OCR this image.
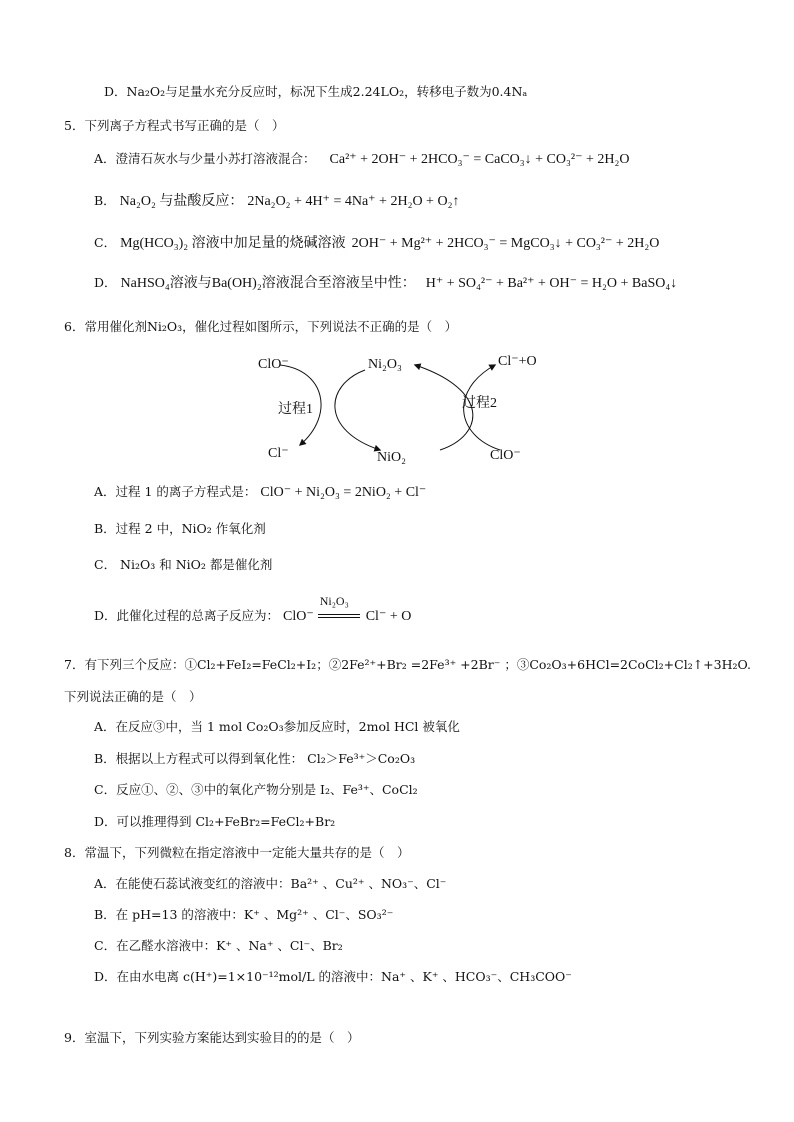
D．Na₂O₂与足量水充分反应时，标况下生成2.24LO₂，转移电子数为0.4Nₐ
5．下列离子方程式书写正确的是（　）
A．澄清石灰水与少量小苏打溶液混合： Ca²⁺ + 2OH⁻ + 2HCO₃⁻ = CaCO₃↓ + CO₃²⁻ + 2H₂O
B． Na₂O₂ 与盐酸反应： 2Na₂O₂ + 4H⁺ = 4Na⁺ + 2H₂O + O₂↑
C． Mg(HCO₃)₂ 溶液中加足量的烧碱溶液 2OH⁻ + Mg²⁺ + 2HCO₃⁻ = MgCO₃↓ + CO₃²⁻ + 2H₂O
D． NaHSO₄溶液与Ba(OH)₂溶液混合至溶液呈中性： H⁺ + SO₄²⁻ + Ba²⁺ + OH⁻ = H₂O + BaSO₄↓
6．常用催化剂Ni₂O₃，催化过程如图所示，下列说法不正确的是（　）
ClO⁻	Ni₂O₃	Cl⁻+O
过程1	过程2
Cl⁻	NiO₂	ClO⁻
A．过程 1 的离子方程式是： ClO⁻ + Ni₂O₃ = 2NiO₂ + Cl⁻
B．过程 2 中，NiO₂ 作氧化剂
C． Ni₂O₃ 和 NiO₂ 都是催化剂
D．此催化过程的总离子反应为： ClO⁻
Ni₂O₃
Cl⁻ + O
7．有下列三个反应：①Cl₂+FeI₂=FeCl₂+I₂；②2Fe²⁺+Br₂ =2Fe³⁺ +2Br⁻ ；③Co₂O₃+6HCl=2CoCl₂+Cl₂↑+3H₂O.
下列说法正确的是（　）
A．在反应③中，当 1 mol Co₂O₃参加反应时，2mol HCl 被氧化
B．根据以上方程式可以得到氧化性： Cl₂＞Fe³⁺＞Co₂O₃
C．反应①、②、③中的氧化产物分别是 I₂、Fe³⁺、CoCl₂
D．可以推理得到 Cl₂+FeBr₂=FeCl₂+Br₂
8．常温下，下列微粒在指定溶液中一定能大量共存的是（　）
A．在能使石蕊试液变红的溶液中：Ba²⁺ 、Cu²⁺ 、NO₃⁻、Cl⁻
B．在 pH=13 的溶液中：K⁺ 、Mg²⁺ 、Cl⁻、SO₃²⁻
C．在乙醛水溶液中：K⁺ 、Na⁺ 、Cl⁻、Br₂
D．在由水电离 c(H⁺)=1×10⁻¹²mol/L 的溶液中：Na⁺ 、K⁺ 、HCO₃⁻、CH₃COO⁻
9．室温下，下列实验方案能达到实验目的的是（　）
